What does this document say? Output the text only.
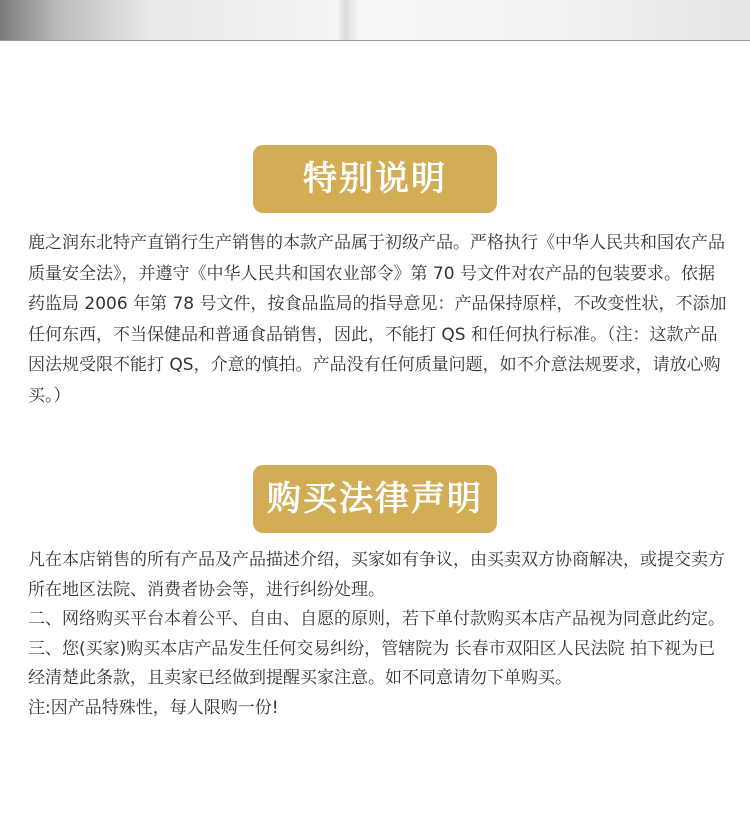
特别说明

鹿之润东北特产直销行生产销售的本款产品属于初级产品。严格执行《中华人民共和国农产品质量安全法》，并遵守《中华人民共和国农业部令》第 70 号文件对农产品的包装要求。依据药监局 2006 年第 78 号文件，按食品监局的指导意见：产品保持原样，不改变性状，不添加任何东西，不当保健品和普通食品销售，因此，不能打 QS 和任何执行标准。（注：这款产品因法规受限不能打 QS，介意的慎拍。产品没有任何质量问题，如不介意法规要求，请放心购买。）

购买法律声明

凡在本店销售的所有产品及产品描述介绍，买家如有争议，由买卖双方协商解决，或提交卖方所在地区法院、消费者协会等，进行纠纷处理。

二、网络购买平台本着公平、自由、自愿的原则，若下单付款购买本店产品视为同意此约定。

三、您(买家)购买本店产品发生任何交易纠纷，管辖院为 长春市双阳区人民法院 拍下视为已经清楚此条款，且卖家已经做到提醒买家注意。如不同意请勿下单购买。

注:因产品特殊性，每人限购一份!
